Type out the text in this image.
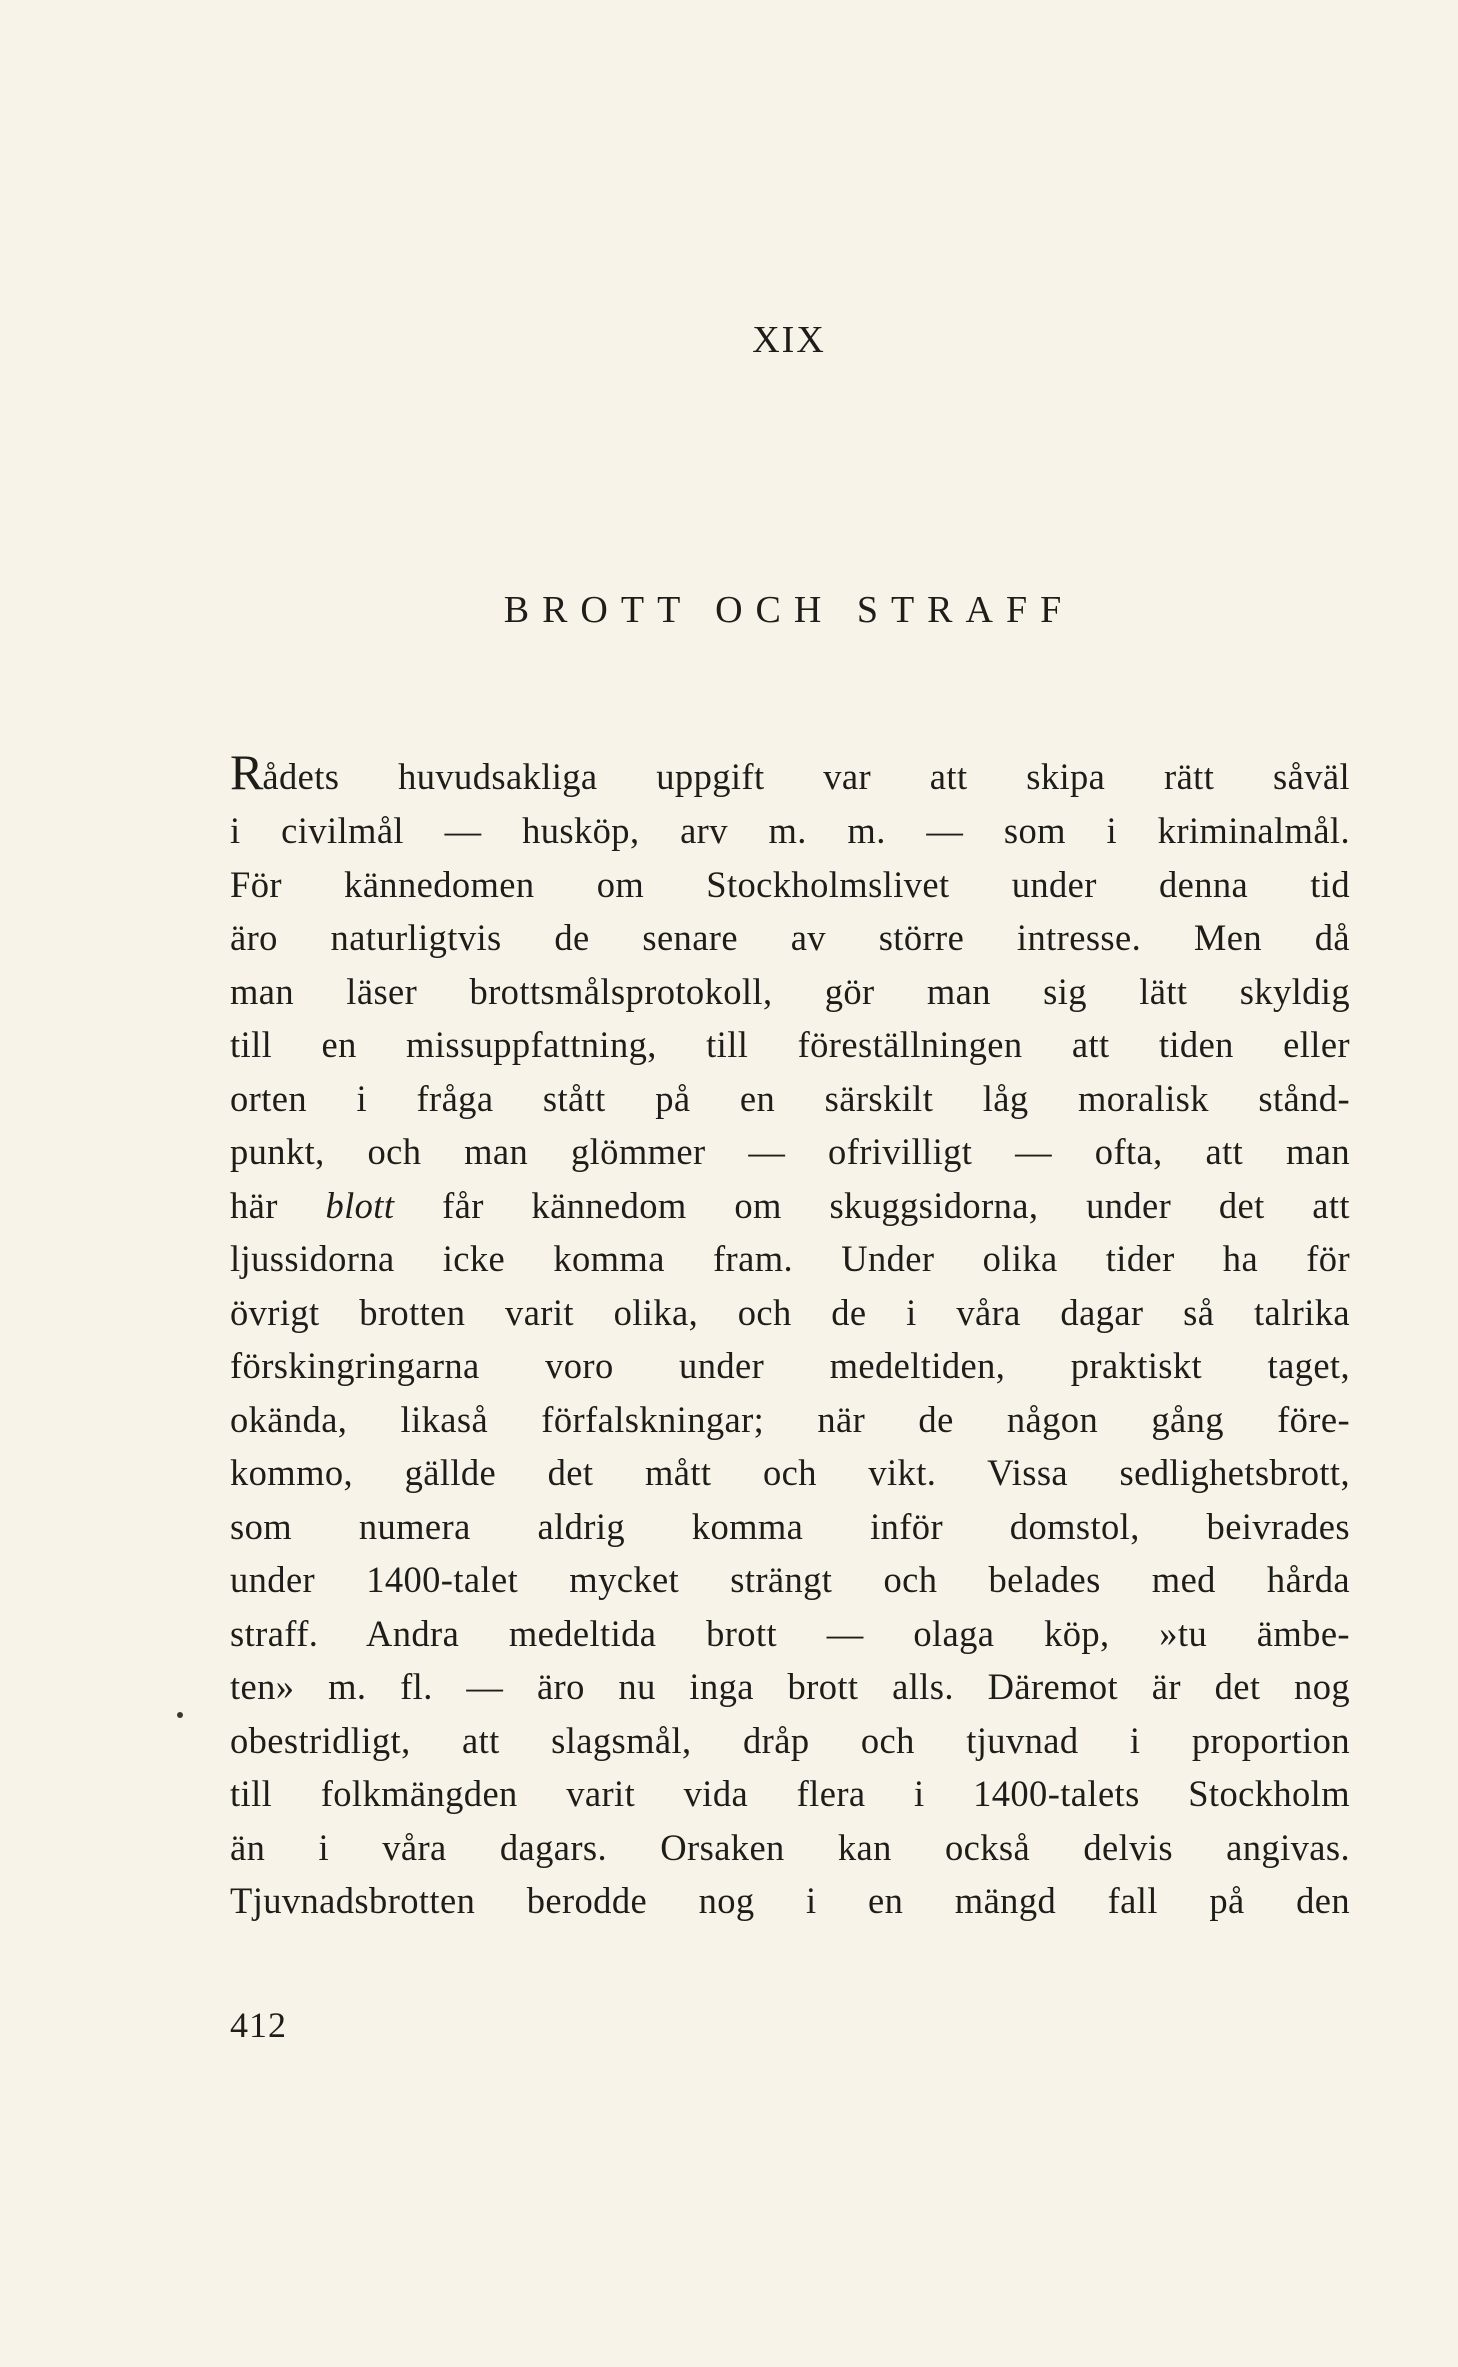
XIX
BROTT OCH STRAFF
Rådets huvudsakliga uppgift var att skipa rätt såväl
i civilmål — husköp, arv m. m. — som i kriminalmål.
För kännedomen om Stockholmslivet under denna tid
äro naturligtvis de senare av större intresse. Men då
man läser brottsmålsprotokoll, gör man sig lätt skyldig
till en missuppfattning, till föreställningen att tiden eller
orten i fråga stått på en särskilt låg moralisk stånd-
punkt, och man glömmer — ofrivilligt — ofta, att man
här blott får kännedom om skuggsidorna, under det att
ljussidorna icke komma fram. Under olika tider ha för
övrigt brotten varit olika, och de i våra dagar så talrika
förskingringarna voro under medeltiden, praktiskt taget,
okända, likaså förfalskningar; när de någon gång före-
kommo, gällde det mått och vikt. Vissa sedlighetsbrott,
som numera aldrig komma inför domstol, beivrades
under 1400-talet mycket strängt och belades med hårda
straff. Andra medeltida brott — olaga köp, »tu ämbe-
ten» m. fl. — äro nu inga brott alls. Däremot är det nog
obestridligt, att slagsmål, dråp och tjuvnad i proportion
till folkmängden varit vida flera i 1400-talets Stockholm
än i våra dagars. Orsaken kan också delvis angivas.
Tjuvnadsbrotten berodde nog i en mängd fall på den
412
